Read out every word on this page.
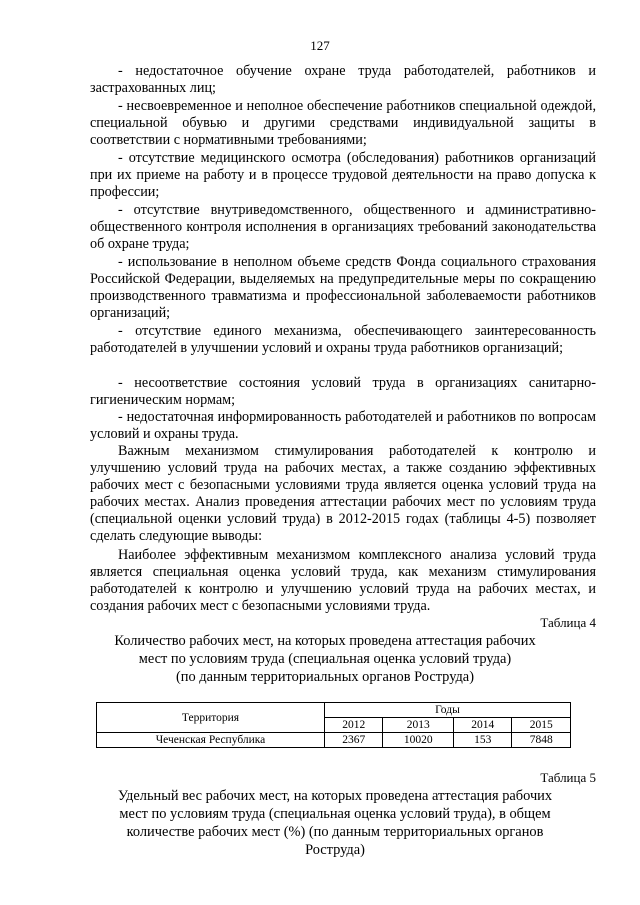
127
- недостаточное обучение охране труда работодателей, работников и застрахованных лиц;
- несвоевременное и неполное обеспечение работников специальной одеждой, специальной обувью и другими средствами индивидуальной защиты в соответствии с нормативными требованиями;
- отсутствие медицинского осмотра (обследования) работников организаций при их приеме на работу и в процессе трудовой деятельности на право допуска к профессии;
- отсутствие внутриведомственного, общественного и административно-общественного контроля исполнения в организациях требований законодательства об охране труда;
- использование в неполном объеме средств Фонда социального страхования Российской Федерации, выделяемых на предупредительные меры по сокращению производственного травматизма и профессиональной заболеваемости работников организаций;
- отсутствие единого механизма, обеспечивающего заинтересованность работодателей в улучшении условий и охраны труда работников организаций;
- несоответствие состояния условий труда в организациях санитарно-гигиеническим нормам;
- недостаточная информированность работодателей и работников по вопросам условий и охраны труда.
Важным механизмом стимулирования работодателей к контролю и улучшению условий труда на рабочих местах, а также созданию эффективных рабочих мест с безопасными условиями труда является оценка условий труда на рабочих местах. Анализ проведения аттестации рабочих мест по условиям труда (специальной оценки условий труда) в 2012-2015 годах (таблицы 4-5) позволяет сделать следующие выводы:
Наиболее эффективным механизмом комплексного анализа условий труда является специальная оценка условий труда, как механизм стимулирования работодателей к контролю и улучшению условий труда на рабочих местах, и создания рабочих мест с безопасными условиями труда.
Таблица 4
Количество рабочих мест, на которых проведена аттестация рабочих
мест по условиям труда (специальная оценка условий труда)
(по данным территориальных органов Роструда)
Территория	Годы			
	2012	2013	2014	2015
Чеченская Республика	2367	10020	153	7848
Таблица 5
Удельный вес рабочих мест, на которых проведена аттестация рабочих
мест по условиям труда (специальная оценка условий труда), в общем
количестве рабочих мест (%) (по данным территориальных органов
Роструда)
